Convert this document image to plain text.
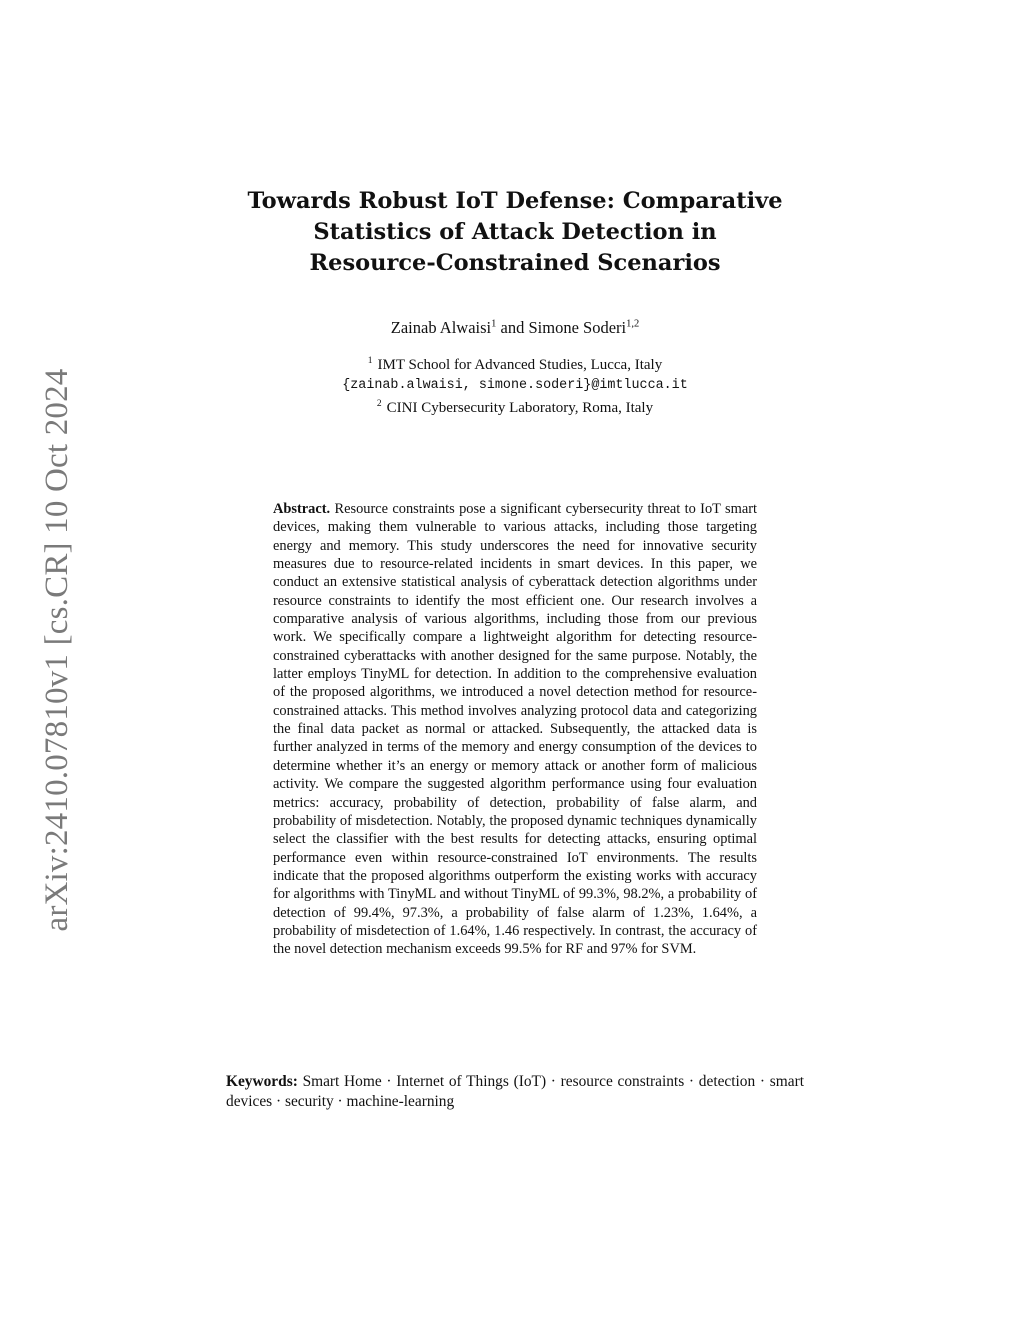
arXiv:2410.07810v1 [cs.CR] 10 Oct 2024
Towards Robust IoT Defense: Comparative
Statistics of Attack Detection in
Resource-Constrained Scenarios
Zainab Alwaisi$^1$ and Simone Soderi$^{1,2}$
$^1$ IMT School for Advanced Studies, Lucca, Italy
{zainab.alwaisi, simone.soderi}@imtlucca.it
$^2$ CINI Cybersecurity Laboratory, Roma, Italy
Abstract. Resource constraints pose a significant cybersecurity threat to IoT smart devices, making them vulnerable to various attacks, including those targeting energy and memory. This study underscores the need for innovative security measures due to resource-related incidents in smart devices. In this paper, we conduct an extensive statistical analysis of cyberattack detection algorithms under resource constraints to identify the most efficient one. Our research involves a comparative analysis of various algorithms, including those from our previous work. We specifically compare a lightweight algorithm for detecting resource-constrained cyberattacks with another designed for the same purpose. Notably, the latter employs TinyML for detection. In addition to the comprehensive evaluation of the proposed algorithms, we introduced a novel detection method for resource-constrained attacks. This method involves analyzing protocol data and categorizing the final data packet as normal or attacked. Subsequently, the attacked data is further analyzed in terms of the memory and energy consumption of the devices to determine whether it’s an energy or memory attack or another form of malicious activity. We compare the suggested algorithm performance using four evaluation metrics: accuracy, probability of detection, probability of false alarm, and probability of misdetection. Notably, the proposed dynamic techniques dynamically select the classifier with the best results for detecting attacks, ensuring optimal performance even within resource-constrained IoT environments. The results indicate that the proposed algorithms outperform the existing works with accuracy for algorithms with TinyML and without TinyML of 99.3%, 98.2%, a probability of detection of 99.4%, 97.3%, a probability of false alarm of 1.23%, 1.64%, a probability of misdetection of 1.64%, 1.46 respectively. In contrast, the accuracy of the novel detection mechanism exceeds 99.5% for RF and 97% for SVM.
Keywords: Smart Home · Internet of Things (IoT) · resource constraints · detection · smart devices · security · machine-learning
